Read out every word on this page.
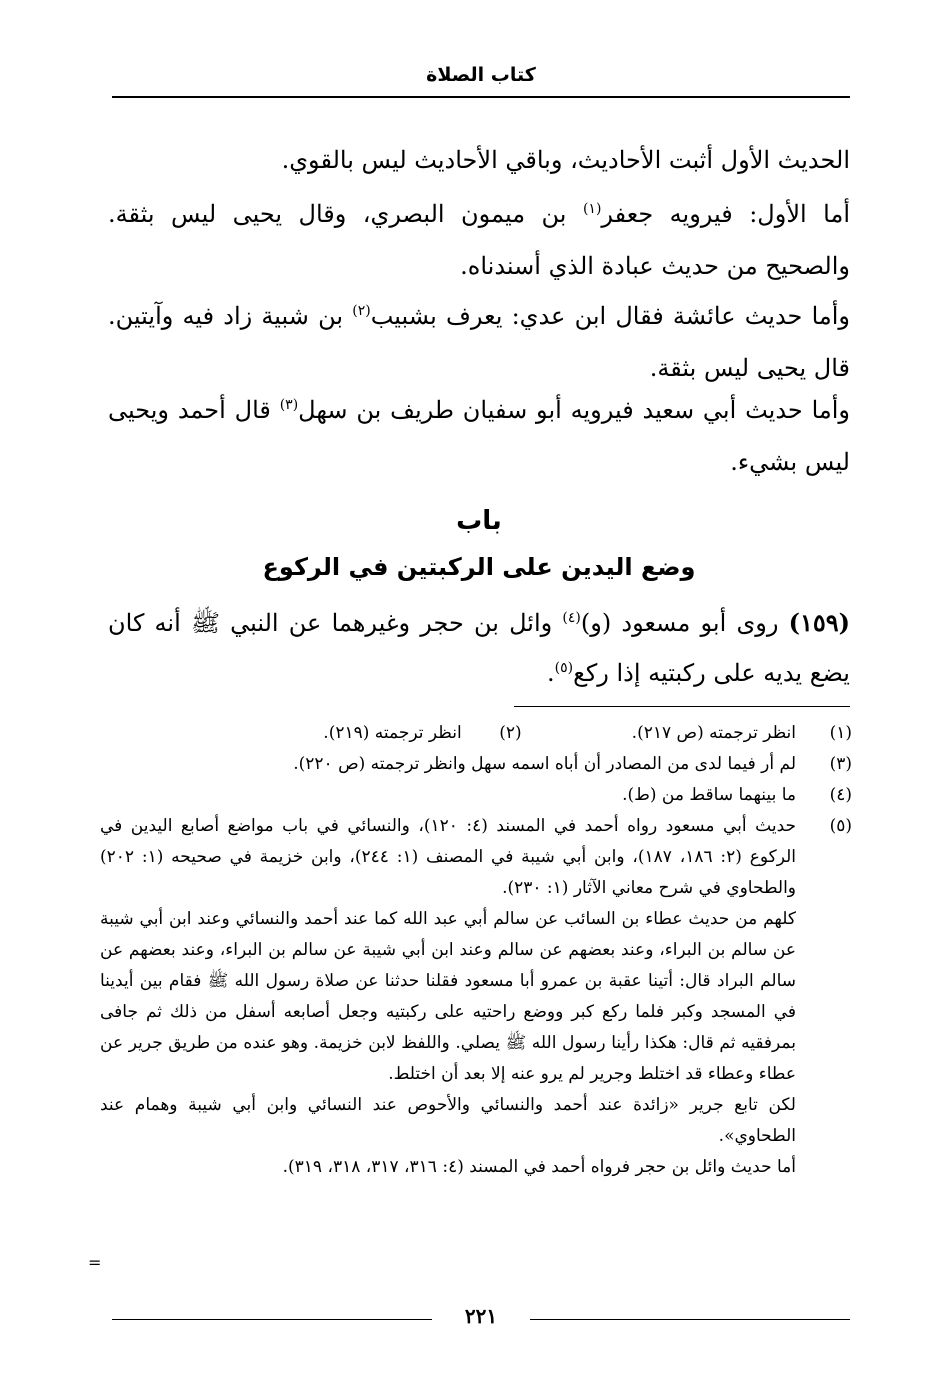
كتاب الصلاة
الحديث الأول أثبت الأحاديث، وباقي الأحاديث ليس بالقوي.
أما الأول: فيرويه جعفر$^{(١)}$ بن ميمون البصري، وقال يحيى ليس بثقة. والصحيح من حديث عبادة الذي أسندناه.
وأما حديث عائشة فقال ابن عدي: يعرف بشبيب$^{(٢)}$ بن شبية زاد فيه وآيتين. قال يحيى ليس بثقة.
وأما حديث أبي سعيد فيرويه أبو سفيان طريف بن سهل$^{(٣)}$ قال أحمد ويحيى ليس بشيء.
باب
وضع اليدين على الركبتين في الركوع
(١٥٩) روى أبو مسعود (و)$^{(٤)}$ وائل بن حجر وغيرهما عن النبي ﷺ أنه كان يضع يديه على ركبتيه إذا ركع$^{(٥)}$.
(١)
انظر ترجمته (ص ٢١٧).
(٢)
انظر ترجمته (٢١٩).
(٣)
لم أر فيما لدى من المصادر أن أباه اسمه سهل وانظر ترجمته (ص ٢٢٠).
(٤)
ما بينهما ساقط من (ط).
(٥)
حديث أبي مسعود رواه أحمد في المسند (٤: ١٢٠)، والنسائي في باب مواضع أصابع اليدين في الركوع (٢: ١٨٦، ١٨٧)، وابن أبي شيبة في المصنف (١: ٢٤٤)، وابن خزيمة في صحيحه (١: ٢٠٢) والطحاوي في شرح معاني الآثار (١: ٢٣٠).
كلهم من حديث عطاء بن السائب عن سالم أبي عبد الله كما عند أحمد والنسائي وعند ابن أبي شيبة عن سالم بن البراء، وعند بعضهم عن سالم وعند ابن أبي شيبة عن سالم بن البراء، وعند بعضهم عن سالم البراد قال: أتينا عقبة بن عمرو أبا مسعود فقلنا حدثنا عن صلاة رسول الله ﷺ فقام بين أيدينا في المسجد وكبر فلما ركع كبر ووضع راحتيه على ركبتيه وجعل أصابعه أسفل من ذلك ثم جافى بمرفقيه ثم قال: هكذا رأينا رسول الله ﷺ يصلي. واللفظ لابن خزيمة. وهو عنده من طريق جرير عن عطاء وعطاء قد اختلط وجرير لم يرو عنه إلا بعد أن اختلط.
لكن تابع جرير «زائدة عند أحمد والنسائي والأحوص عند النسائي وابن أبي شيبة وهمام عند الطحاوي».
أما حديث وائل بن حجر فرواه أحمد في المسند (٤: ٣١٦، ٣١٧، ٣١٨، ٣١٩).
=
٢٢١
